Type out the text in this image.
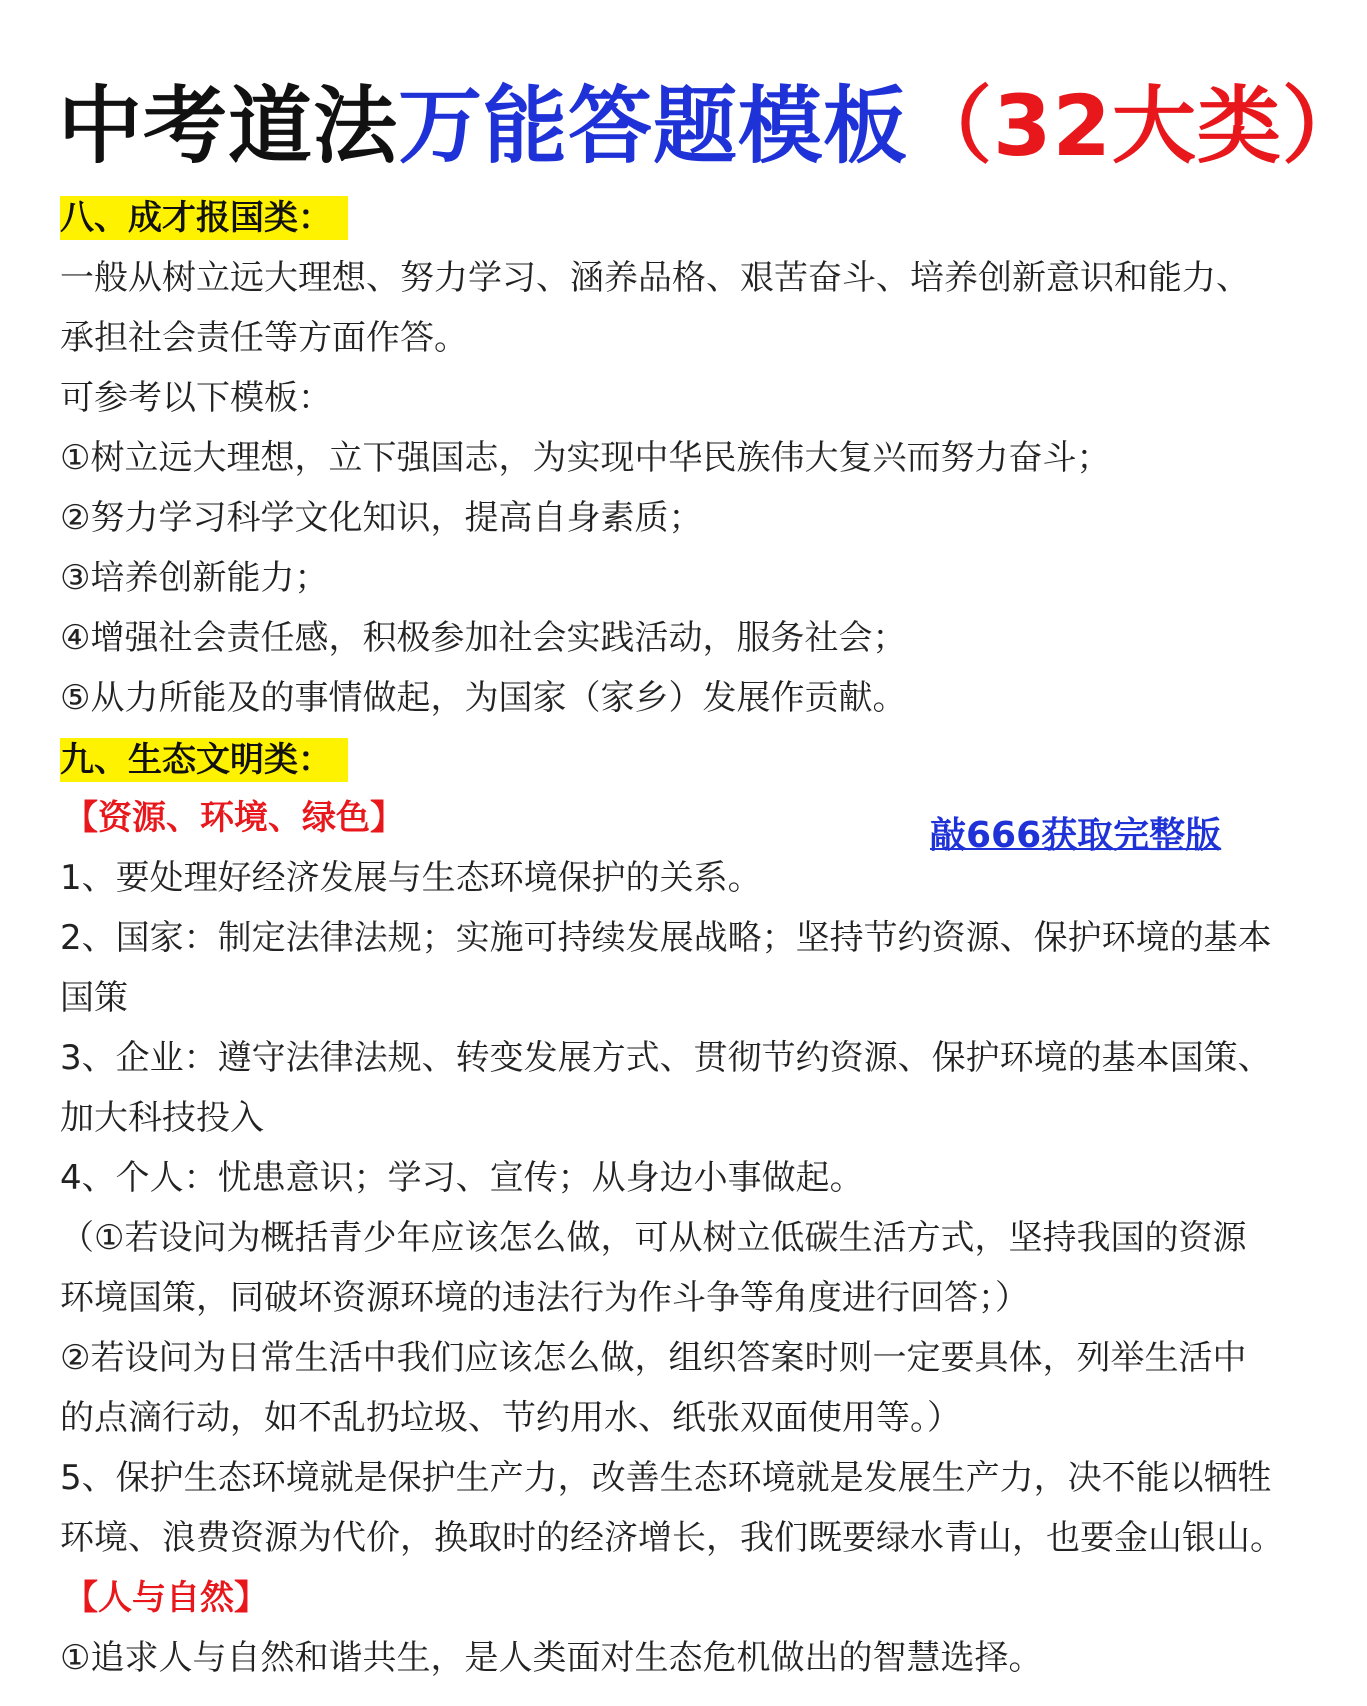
中考道法万能答题模板（32大类）
八、成才报国类：
一般从树立远大理想、努力学习、涵养品格、艰苦奋斗、培养创新意识和能力、
承担社会责任等方面作答。
可参考以下模板：
①树立远大理想，立下强国志，为实现中华民族伟大复兴而努力奋斗；
②努力学习科学文化知识，提高自身素质；
③培养创新能力；
④增强社会责任感，积极参加社会实践活动，服务社会；
⑤从力所能及的事情做起，为国家（家乡）发展作贡献。
九、生态文明类：
【资源、环境、绿色】	敲666获取完整版
1、要处理好经济发展与生态环境保护的关系。
2、国家：制定法律法规；实施可持续发展战略；坚持节约资源、保护环境的基本
国策
3、企业：遵守法律法规、转变发展方式、贯彻节约资源、保护环境的基本国策、
加大科技投入
4、个人：忧患意识；学习、宣传；从身边小事做起。
（①若设问为概括青少年应该怎么做，可从树立低碳生活方式，坚持我国的资源
环境国策，同破坏资源环境的违法行为作斗争等角度进行回答；）
②若设问为日常生活中我们应该怎么做，组织答案时则一定要具体，列举生活中
的点滴行动，如不乱扔垃圾、节约用水、纸张双面使用等。）
5、保护生态环境就是保护生产力，改善生态环境就是发展生产力，决不能以牺牲
环境、浪费资源为代价，换取时的经济增长，我们既要绿水青山，也要金山银山。
【人与自然】
①追求人与自然和谐共生，是人类面对生态危机做出的智慧选择。
